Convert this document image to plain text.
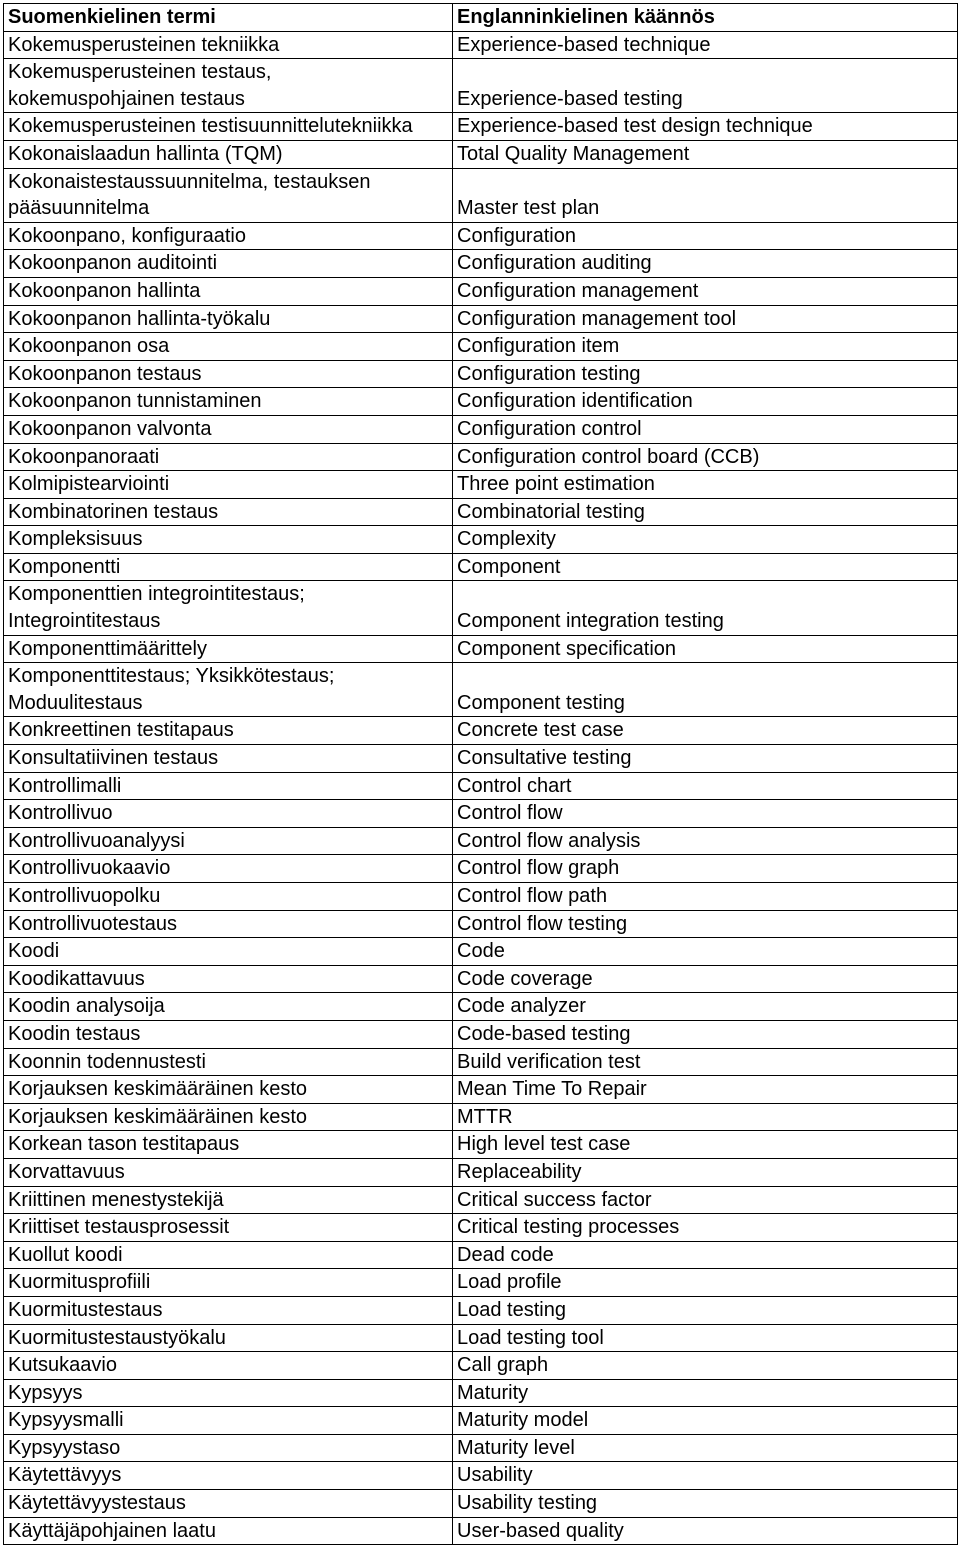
Suomenkielinen termi	Englanninkielinen käännös
Kokemusperusteinen tekniikka	Experience-based technique
Kokemusperusteinen testaus,
kokemuspohjainen testaus	Experience-based testing
Kokemusperusteinen testisuunnittelutekniikka	Experience-based test design technique
Kokonaislaadun hallinta (TQM)	Total Quality Management
Kokonaistestaussuunnitelma, testauksen
pääsuunnitelma	Master test plan
Kokoonpano, konfiguraatio	Configuration
Kokoonpanon auditointi	Configuration auditing
Kokoonpanon hallinta	Configuration management
Kokoonpanon hallinta-työkalu	Configuration management tool
Kokoonpanon osa	Configuration item
Kokoonpanon testaus	Configuration testing
Kokoonpanon tunnistaminen	Configuration identification
Kokoonpanon valvonta	Configuration control
Kokoonpanoraati	Configuration control board (CCB)
Kolmipistearviointi	Three point estimation
Kombinatorinen testaus	Combinatorial testing
Kompleksisuus	Complexity
Komponentti	Component
Komponenttien integrointitestaus;
Integrointitestaus	Component integration testing
Komponenttimäärittely	Component specification
Komponenttitestaus; Yksikkötestaus;
Moduulitestaus	Component testing
Konkreettinen testitapaus	Concrete test case
Konsultatiivinen testaus	Consultative testing
Kontrollimalli	Control chart
Kontrollivuo	Control flow
Kontrollivuoanalyysi	Control flow analysis
Kontrollivuokaavio	Control flow graph
Kontrollivuopolku	Control flow path
Kontrollivuotestaus	Control flow testing
Koodi	Code
Koodikattavuus	Code coverage
Koodin analysoija	Code analyzer
Koodin testaus	Code-based testing
Koonnin todennustesti	Build verification test
Korjauksen keskimääräinen kesto	Mean Time To Repair
Korjauksen keskimääräinen kesto	MTTR
Korkean tason testitapaus	High level test case
Korvattavuus	Replaceability
Kriittinen menestystekijä	Critical success factor
Kriittiset testausprosessit	Critical testing processes
Kuollut koodi	Dead code
Kuormitusprofiili	Load profile
Kuormitustestaus	Load testing
Kuormitustestaustyökalu	Load testing tool
Kutsukaavio	Call graph
Kypsyys	Maturity
Kypsyysmalli	Maturity model
Kypsyystaso	Maturity level
Käytettävyys	Usability
Käytettävyystestaus	Usability testing
Käyttäjäpohjainen laatu	User-based quality
